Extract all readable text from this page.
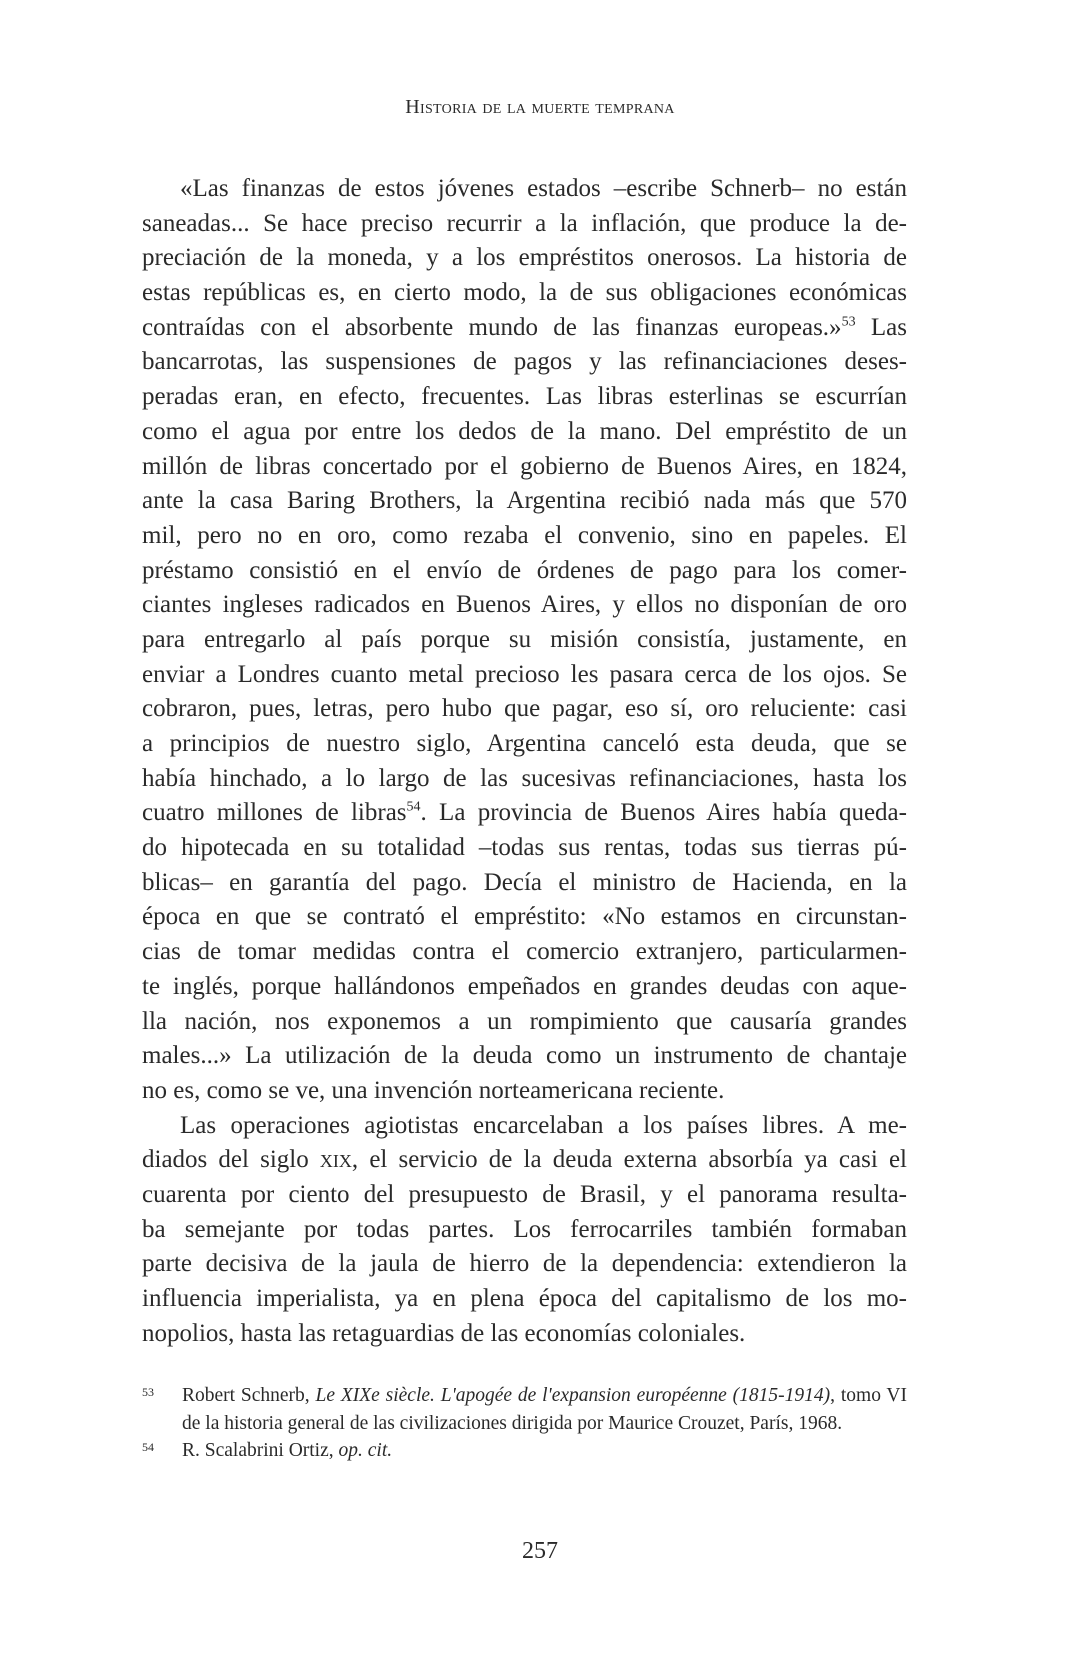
Historia de la muerte temprana
«Las finanzas de estos jóvenes estados –escribe Schnerb– no están
saneadas... Se hace preciso recurrir a la inflación, que produce la de-
preciación de la moneda, y a los empréstitos onerosos. La historia de
estas repúblicas es, en cierto modo, la de sus obligaciones económicas
contraídas con el absorbente mundo de las finanzas europeas.»$^{53}$ Las
bancarrotas, las suspensiones de pagos y las refinanciaciones deses-
peradas eran, en efecto, frecuentes. Las libras esterlinas se escurrían
como el agua por entre los dedos de la mano. Del empréstito de un
millón de libras concertado por el gobierno de Buenos Aires, en 1824,
ante la casa Baring Brothers, la Argentina recibió nada más que 570
mil, pero no en oro, como rezaba el convenio, sino en papeles. El
préstamo consistió en el envío de órdenes de pago para los comer-
ciantes ingleses radicados en Buenos Aires, y ellos no disponían de oro
para entregarlo al país porque su misión consistía, justamente, en
enviar a Londres cuanto metal precioso les pasara cerca de los ojos. Se
cobraron, pues, letras, pero hubo que pagar, eso sí, oro reluciente: casi
a principios de nuestro siglo, Argentina canceló esta deuda, que se
había hinchado, a lo largo de las sucesivas refinanciaciones, hasta los
cuatro millones de libras$^{54}$. La provincia de Buenos Aires había queda-
do hipotecada en su totalidad –todas sus rentas, todas sus tierras pú-
blicas– en garantía del pago. Decía el ministro de Hacienda, en la
época en que se contrató el empréstito: «No estamos en circunstan-
cias de tomar medidas contra el comercio extranjero, particularmen-
te inglés, porque hallándonos empeñados en grandes deudas con aque-
lla nación, nos exponemos a un rompimiento que causaría grandes
males...» La utilización de la deuda como un instrumento de chantaje
no es, como se ve, una invención norteamericana reciente.
Las operaciones agiotistas encarcelaban a los países libres. A me-
diados del siglo xix, el servicio de la deuda externa absorbía ya casi el
cuarenta por ciento del presupuesto de Brasil, y el panorama resulta-
ba semejante por todas partes. Los ferrocarriles también formaban
parte decisiva de la jaula de hierro de la dependencia: extendieron la
influencia imperialista, ya en plena época del capitalismo de los mo-
nopolios, hasta las retaguardias de las economías coloniales.
53	Robert Schnerb, Le XIXe siècle. L'apogée de l'expansion européenne (1815-1914), tomo VI de la historia general de las civilizaciones dirigida por Maurice Crouzet, París, 1968.
54	R. Scalabrini Ortiz, op. cit.
257
